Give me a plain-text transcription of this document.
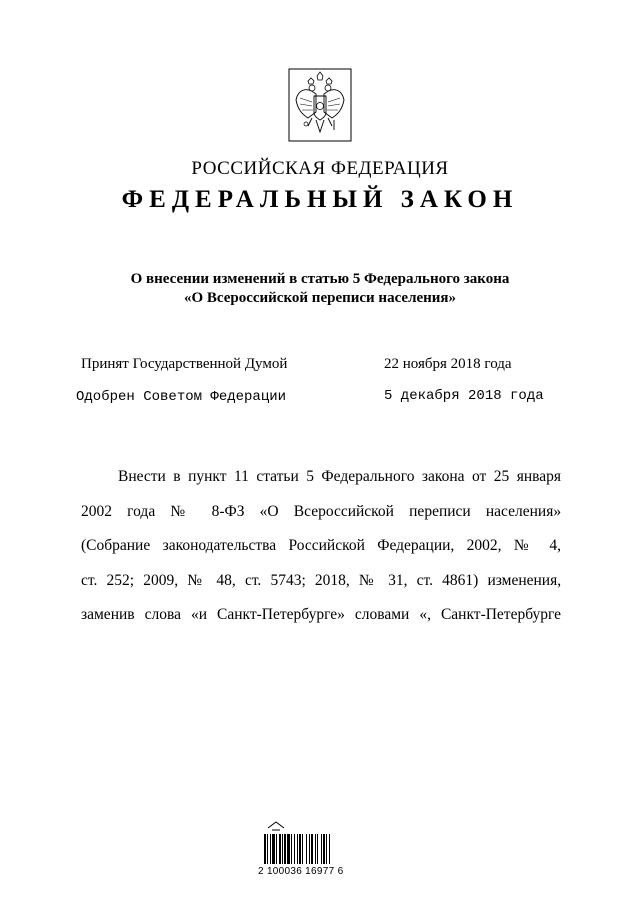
РОССИЙСКАЯ ФЕДЕРАЦИЯ
ФЕДЕРАЛЬНЫЙ ЗАКОН
О внесении изменений в статью 5 Федерального закона
«О Всероссийской переписи населения»
Принят Государственной Думой	22 ноября 2018 года
Одобрен Советом Федерации	5 декабря 2018 года
Внести в пункт 11 статьи 5 Федерального закона от 25 января
2002 года № 8-ФЗ «О Всероссийской переписи населения»
(Собрание законодательства Российской Федерации, 2002, № 4,
ст. 252; 2009, № 48, ст. 5743; 2018, № 31, ст. 4861) изменения,
заменив слова «и Санкт-Петербурге» словами «, Санкт-Петербурге
2 100036 16977 6
